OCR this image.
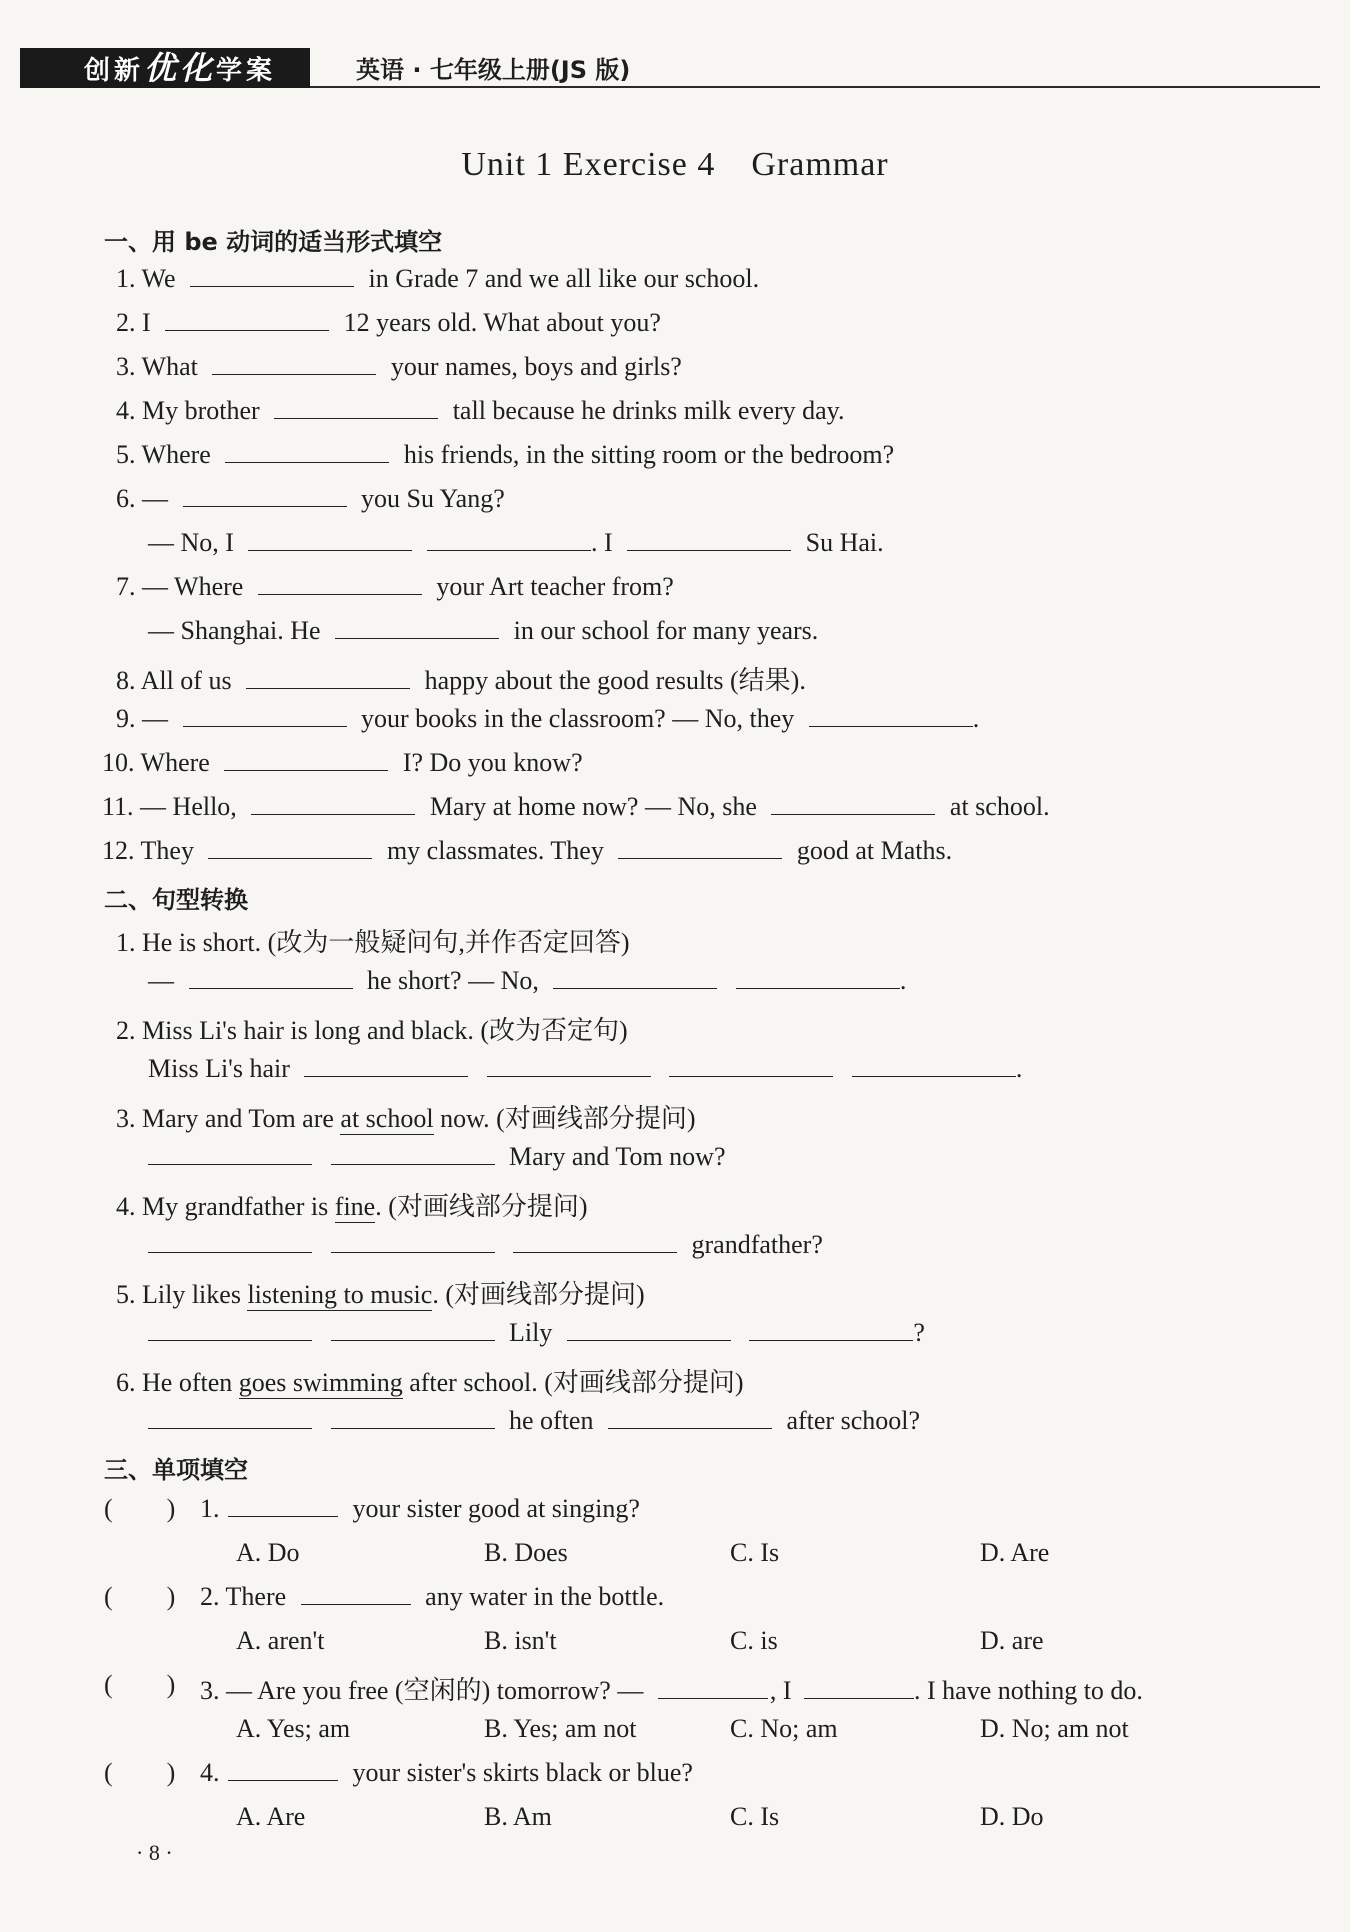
创新优化学案	英语 · 七年级上册(JS 版)
Unit 1 Exercise 4 Grammar
一、用 be 动词的适当形式填空
1. We	in Grade 7 and we all like our school.
2. I	12 years old. What about you?
3. What	your names, boys and girls?
4. My brother	tall because he drinks milk every day.
5. Where	his friends, in the sitting room or the bedroom?
6. —	you Su Yang?
— No, I	. I	Su Hai.
7. — Where	your Art teacher from?
— Shanghai. He	in our school for many years.
8. All of us	happy about the good results (结果).
9. —	your books in the classroom? — No, they	.
10. Where	I? Do you know?
11. — Hello,	Mary at home now? — No, she	at school.
12. They	my classmates. They	good at Maths.
二、句型转换
1. He is short. (改为一般疑问句,并作否定回答)
—	he short? — No,	.
2. Miss Li's hair is long and black. (改为否定句)
Miss Li's hair	.
3. Mary and Tom are at school now. (对画线部分提问)
Mary and Tom now?
4. My grandfather is fine. (对画线部分提问)
grandfather?
5. Lily likes listening to music. (对画线部分提问)
Lily	?
6. He often goes swimming after school. (对画线部分提问)
he often	after school?
三、单项填空
( ) 1.	your sister good at singing?
A. Do	B. Does	C. Is	D. Are
( ) 2. There	any water in the bottle.
A. aren't	B. isn't	C. is	D. are
( ) 3. — Are you free (空闲的) tomorrow? —	, I	. I have nothing to do.
A. Yes; am	B. Yes; am not	C. No; am	D. No; am not
( ) 4.	your sister's skirts black or blue?
A. Are	B. Am	C. Is	D. Do
· 8 ·
